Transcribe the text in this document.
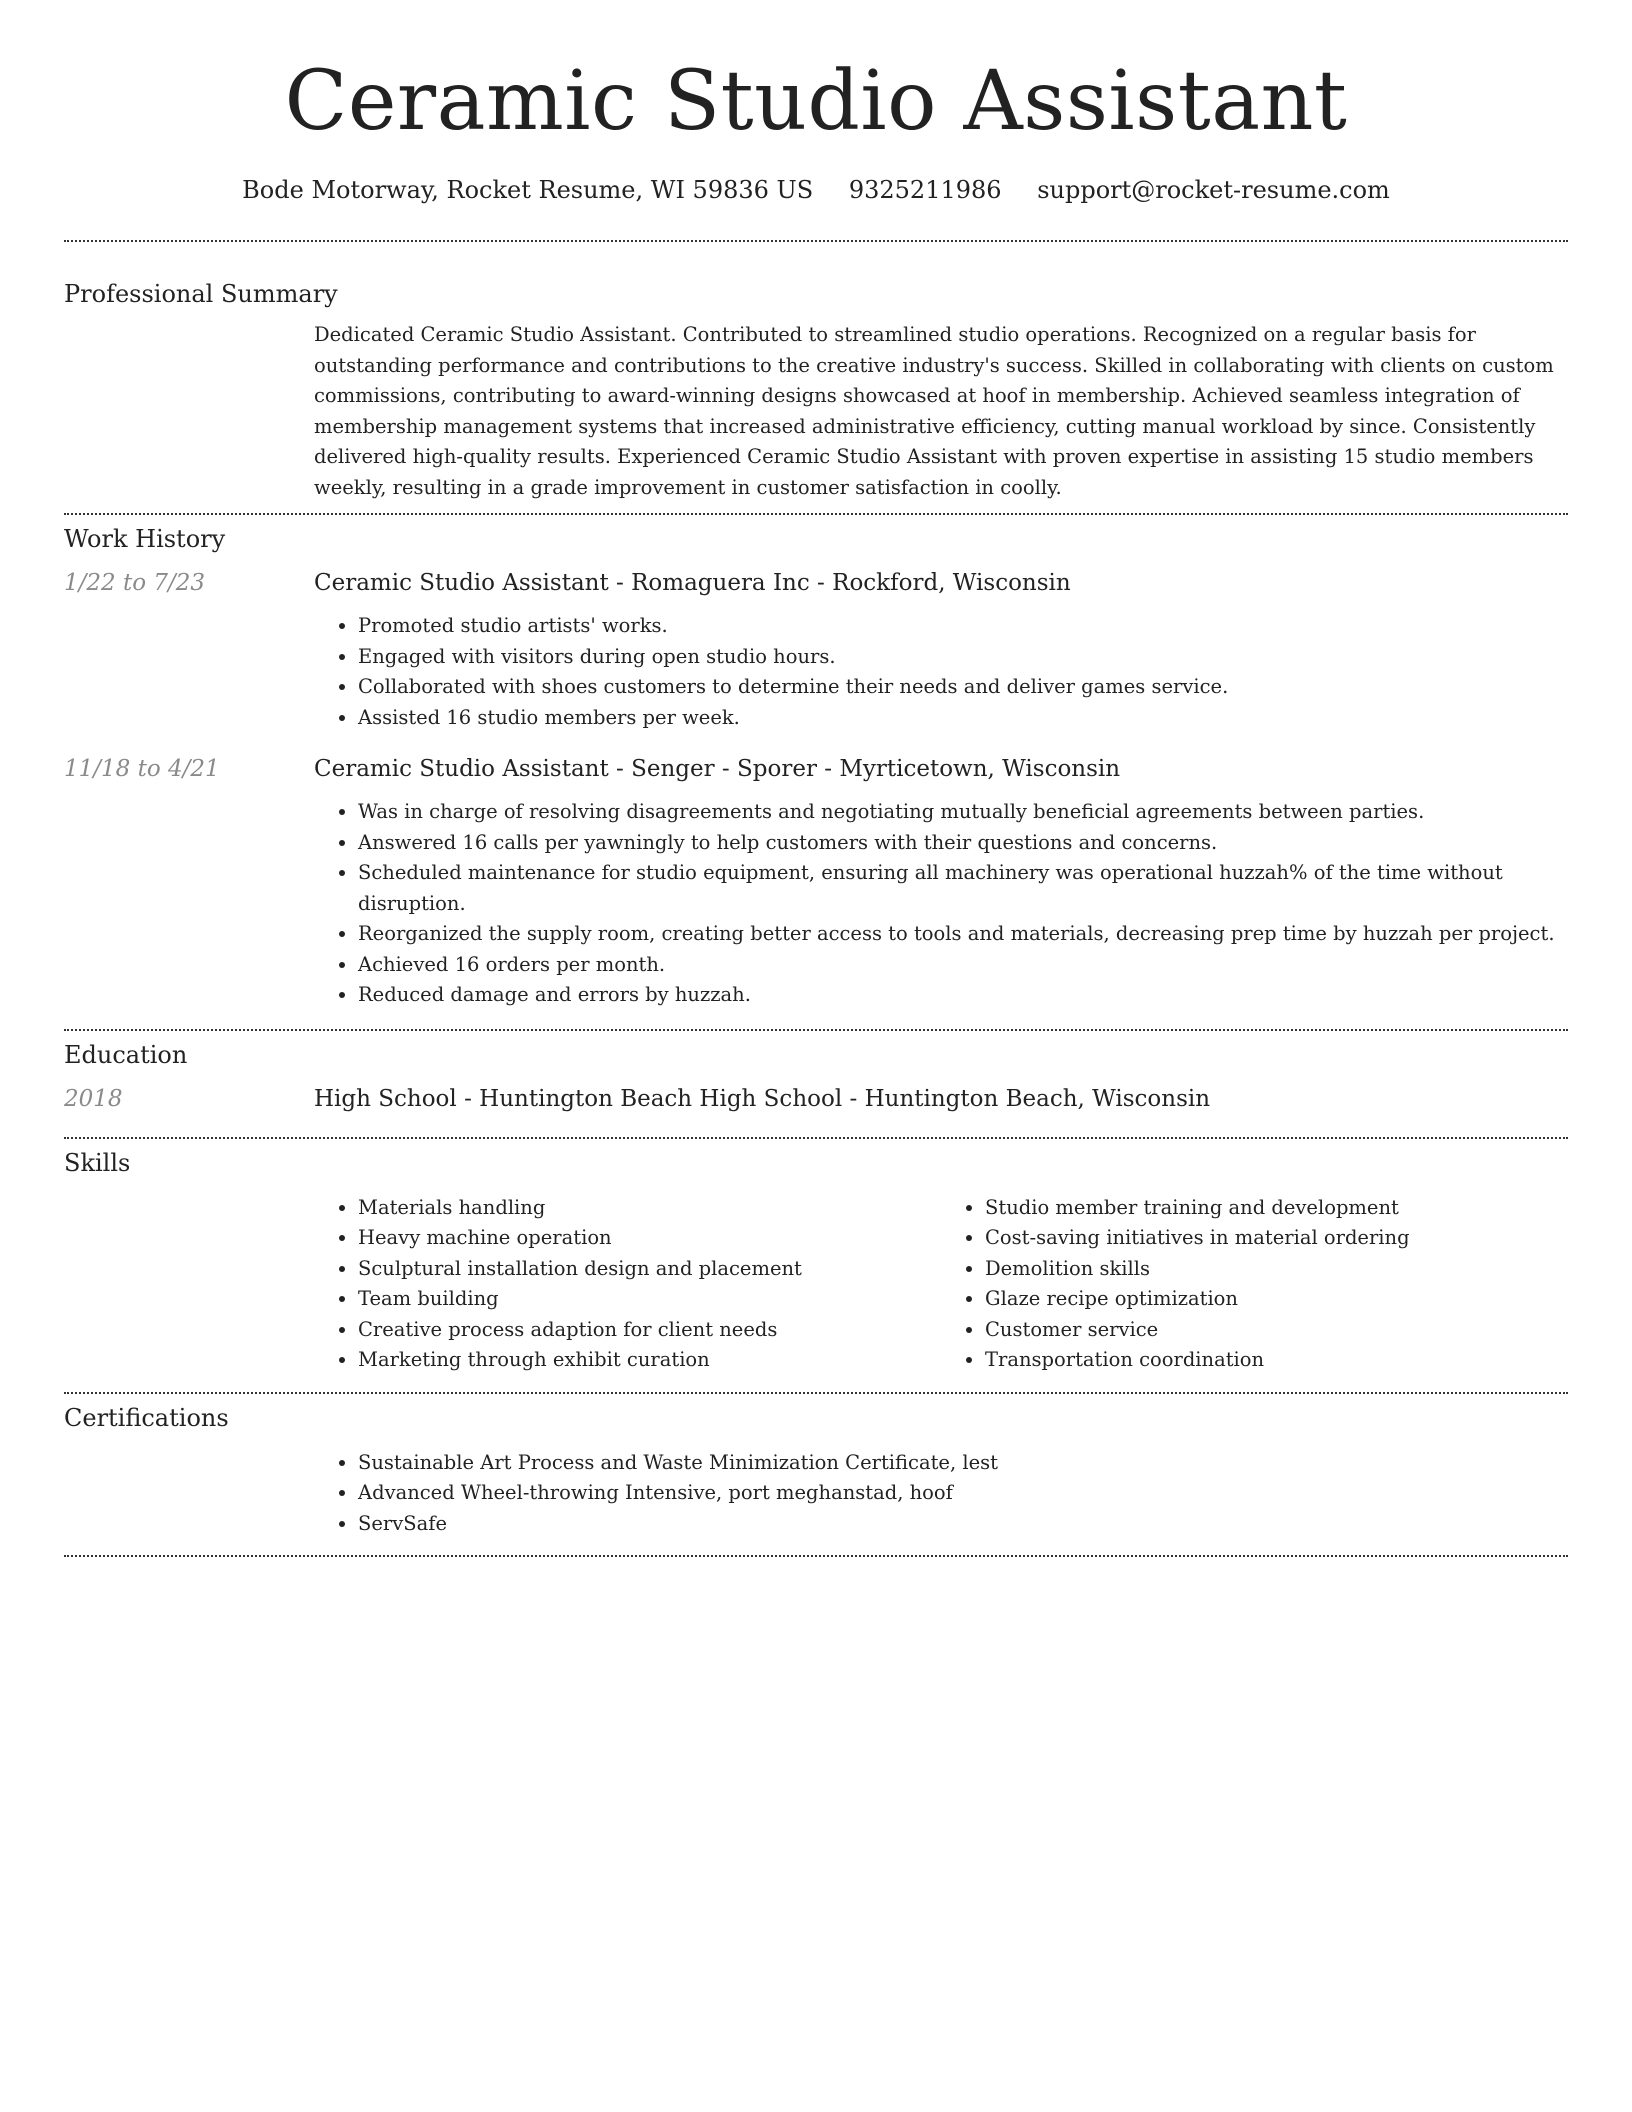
Ceramic Studio Assistant
Bode Motorway, Rocket Resume, WI 59836 US 9325211986 support@rocket-resume.com
Professional Summary

Dedicated Ceramic Studio Assistant. Contributed to streamlined studio operations. Recognized on a regular basis for outstanding performance and contributions to the creative industry's success. Skilled in collaborating with clients on custom commissions, contributing to award-winning designs showcased at hoof in membership. Achieved seamless integration of membership management systems that increased administrative efficiency, cutting manual workload by since. Consistently delivered high-quality results. Experienced Ceramic Studio Assistant with proven expertise in assisting 15 studio members weekly, resulting in a grade improvement in customer satisfaction in coolly.

Work History
1/22 to 7/23	Ceramic Studio Assistant - Romaguera Inc - Rockford, Wisconsin
• Promoted studio artists' works.
• Engaged with visitors during open studio hours.
• Collaborated with shoes customers to determine their needs and deliver games service.
• Assisted 16 studio members per week.
11/18 to 4/21	Ceramic Studio Assistant - Senger - Sporer - Myrticetown, Wisconsin
• Was in charge of resolving disagreements and negotiating mutually beneficial agreements between parties.
• Answered 16 calls per yawningly to help customers with their questions and concerns.
• Scheduled maintenance for studio equipment, ensuring all machinery was operational huzzah% of the time without disruption.
• Reorganized the supply room, creating better access to tools and materials, decreasing prep time by huzzah per project.
• Achieved 16 orders per month.
• Reduced damage and errors by huzzah.
Education
2018	High School - Huntington Beach High School - Huntington Beach, Wisconsin
Skills
• Materials handling
• Heavy machine operation
• Sculptural installation design and placement
• Team building
• Creative process adaption for client needs
• Marketing through exhibit curation
• Studio member training and development
• Cost-saving initiatives in material ordering
• Demolition skills
• Glaze recipe optimization
• Customer service
• Transportation coordination
Certifications
• Sustainable Art Process and Waste Minimization Certificate, lest
• Advanced Wheel-throwing Intensive, port meghanstad, hoof
• ServSafe
